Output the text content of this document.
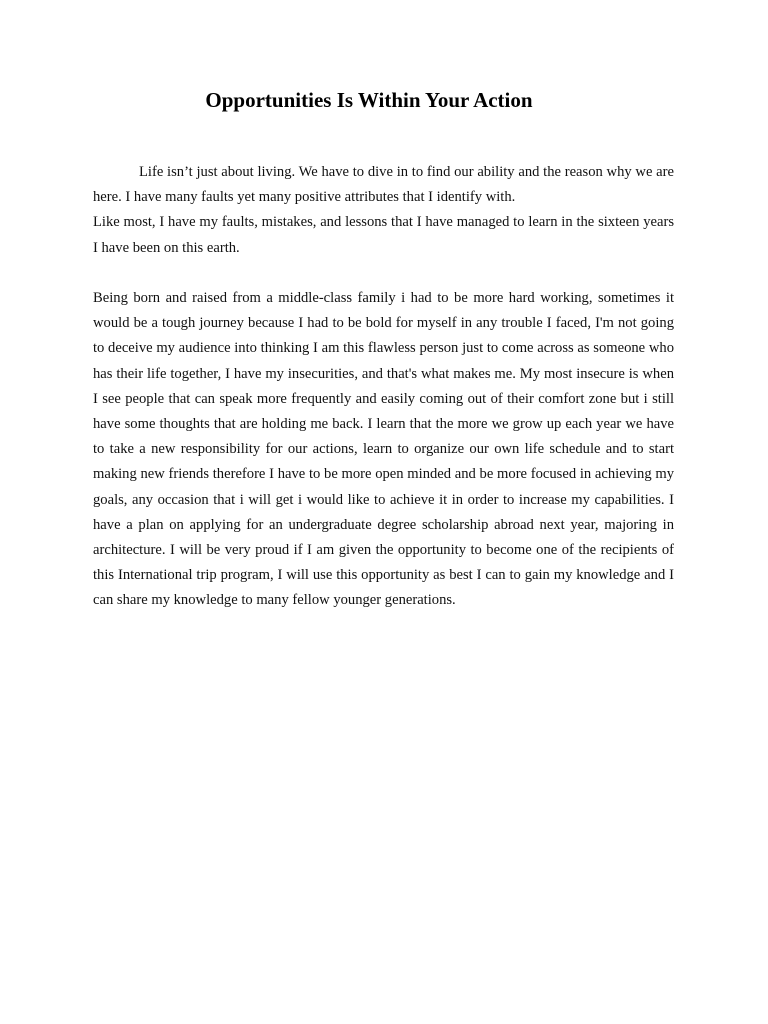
Opportunities Is Within Your Action

Life isn’t just about living. We have to dive in to find our ability and the reason why we are here. I have many faults yet many positive attributes that I identify with.

Like most, I have my faults, mistakes, and lessons that I have managed to learn in the sixteen years I have been on this earth.

Being born and raised from a middle-class family i had to be more hard working, sometimes it would be a tough journey because I had to be bold for myself in any trouble I faced, I'm not going to deceive my audience into thinking I am this flawless person just to come across as someone who has their life together, I have my insecurities, and that's what makes me. My most insecure is when I see people that can speak more frequently and easily coming out of their comfort zone but i still have some thoughts that are holding me back. I learn that the more we grow up each year we have to take a new responsibility for our actions, learn to organize our own life schedule and to start making new friends therefore I have to be more open minded and be more focused in achieving my goals, any occasion that i will get i would like to achieve it in order to increase my capabilities. I have a plan on applying for an undergraduate degree scholarship abroad next year, majoring in architecture. I will be very proud if I am given the opportunity to become one of the recipients of this International trip program, I will use this opportunity as best I can to gain my knowledge and I can share my knowledge to many fellow younger generations.
